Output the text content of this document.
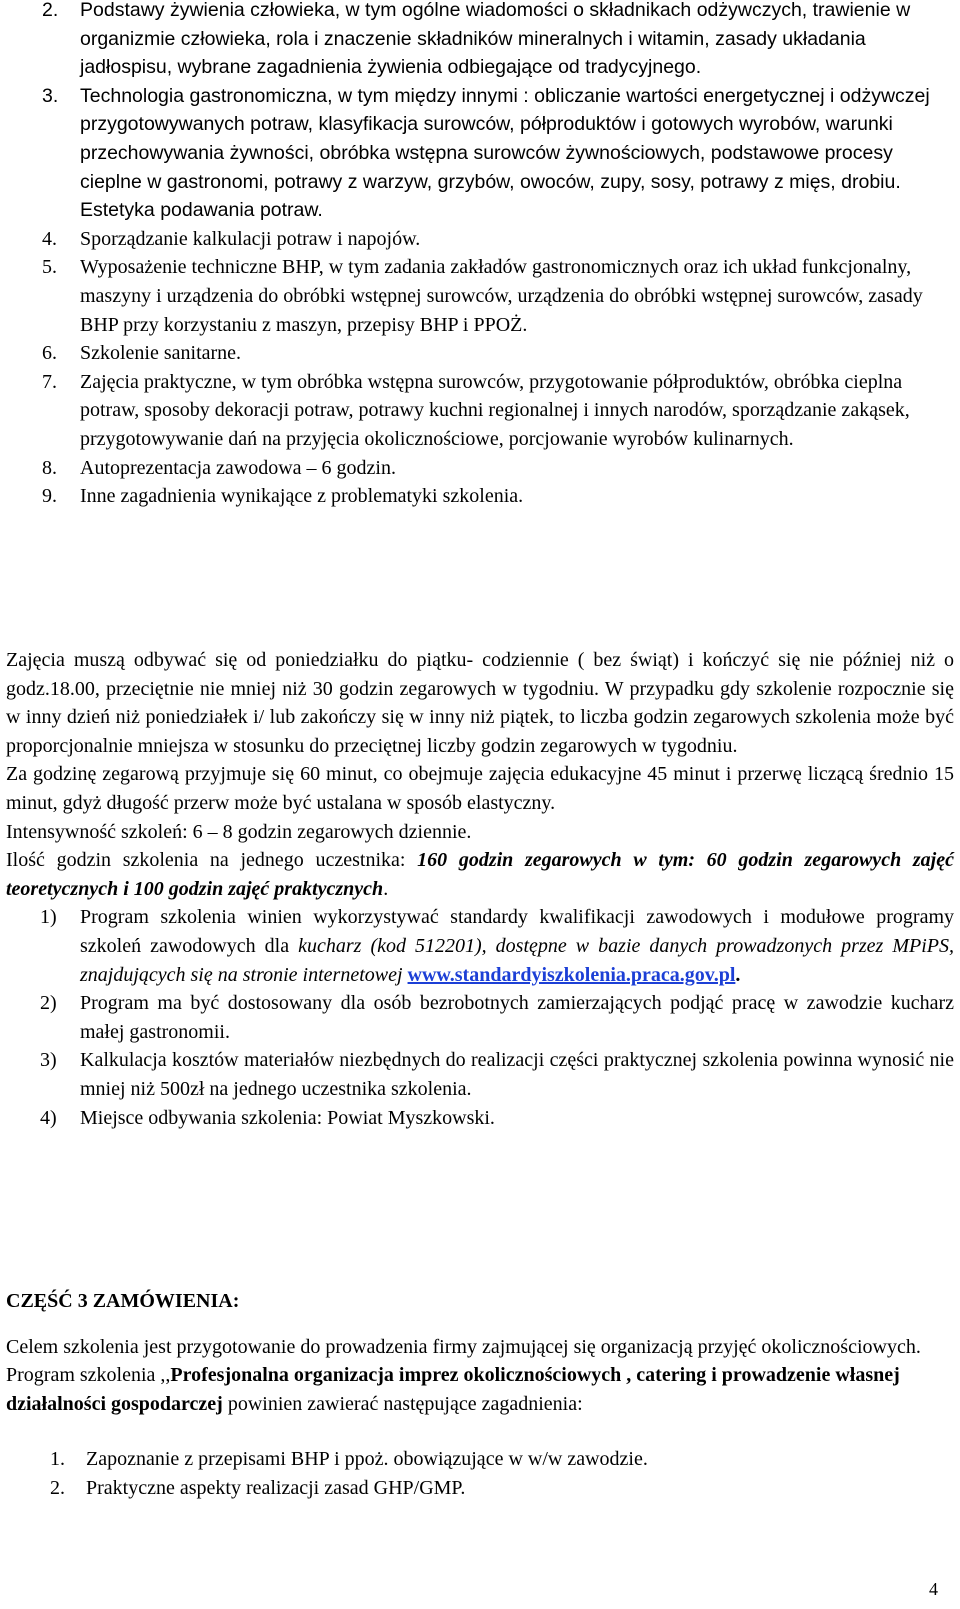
2. Podstawy żywienia człowieka, w tym ogólne wiadomości o składnikach odżywczych, trawienie w organizmie człowieka, rola i znaczenie składników mineralnych i witamin, zasady układania jadłospisu, wybrane zagadnienia żywienia odbiegające od tradycyjnego.
3. Technologia gastronomiczna, w tym między innymi : obliczanie wartości energetycznej i odżywczej przygotowywanych potraw, klasyfikacja surowców, półproduktów i gotowych wyrobów, warunki przechowywania żywności, obróbka wstępna surowców żywnościowych, podstawowe procesy cieplne w gastronomi, potrawy z warzyw, grzybów, owoców, zupy, sosy, potrawy z mięs, drobiu. Estetyka podawania potraw.
4. Sporządzanie kalkulacji potraw i napojów.
5. Wyposażenie techniczne BHP, w tym zadania zakładów gastronomicznych oraz ich układ funkcjonalny, maszyny i urządzenia do obróbki wstępnej surowców, urządzenia do obróbki wstępnej surowców, zasady BHP przy korzystaniu z maszyn, przepisy BHP i PPOŻ.
6. Szkolenie sanitarne.
7. Zajęcia praktyczne, w tym obróbka wstępna surowców, przygotowanie półproduktów, obróbka cieplna potraw, sposoby dekoracji potraw, potrawy kuchni regionalnej i innych narodów, sporządzanie zakąsek, przygotowywanie dań na przyjęcia okolicznościowe, porcjowanie wyrobów kulinarnych.
8. Autoprezentacja zawodowa – 6 godzin.
9. Inne zagadnienia wynikające z problematyki szkolenia.

Zajęcia muszą odbywać się od poniedziałku do piątku- codziennie ( bez świąt) i kończyć się nie później niż o godz.18.00, przeciętnie nie mniej niż 30 godzin zegarowych w tygodniu. W przypadku gdy szkolenie rozpocznie się w inny dzień niż poniedziałek i/ lub zakończy się w inny niż piątek, to liczba godzin zegarowych szkolenia może być proporcjonalnie mniejsza w stosunku do przeciętnej liczby godzin zegarowych w tygodniu.

Za godzinę zegarową przyjmuje się 60 minut, co obejmuje zajęcia edukacyjne 45 minut i przerwę liczącą średnio 15 minut, gdyż długość przerw może być ustalana w sposób elastyczny.

Intensywność szkoleń: 6 – 8 godzin zegarowych dziennie.

Ilość godzin szkolenia na jednego uczestnika: 160 godzin zegarowych w tym: 60 godzin zegarowych zajęć teoretycznych i 100 godzin zajęć praktycznych.

1) Program szkolenia winien wykorzystywać standardy kwalifikacji zawodowych i modułowe programy szkoleń zawodowych dla kucharz (kod 512201), dostępne w bazie danych prowadzonych przez MPiPS, znajdujących się na stronie internetowej www.standardyiszkolenia.praca.gov.pl.
2) Program ma być dostosowany dla osób bezrobotnych zamierzających podjąć pracę w zawodzie kucharz małej gastronomii.
3) Kalkulacja kosztów materiałów niezbędnych do realizacji części praktycznej szkolenia powinna wynosić nie mniej niż 500zł na jednego uczestnika szkolenia.
4) Miejsce odbywania szkolenia: Powiat Myszkowski.

CZĘŚĆ 3 ZAMÓWIENIA:

Celem szkolenia jest przygotowanie do prowadzenia firmy zajmującej się organizacją przyjęć okolicznościowych.

Program szkolenia ,,Profesjonalna organizacja imprez okolicznościowych , catering i prowadzenie własnej działalności gospodarczej powinien zawierać następujące zagadnienia:

1. Zapoznanie z przepisami BHP i ppoż. obowiązujące w w/w zawodzie.
2. Praktyczne aspekty realizacji zasad GHP/GMP.
4
